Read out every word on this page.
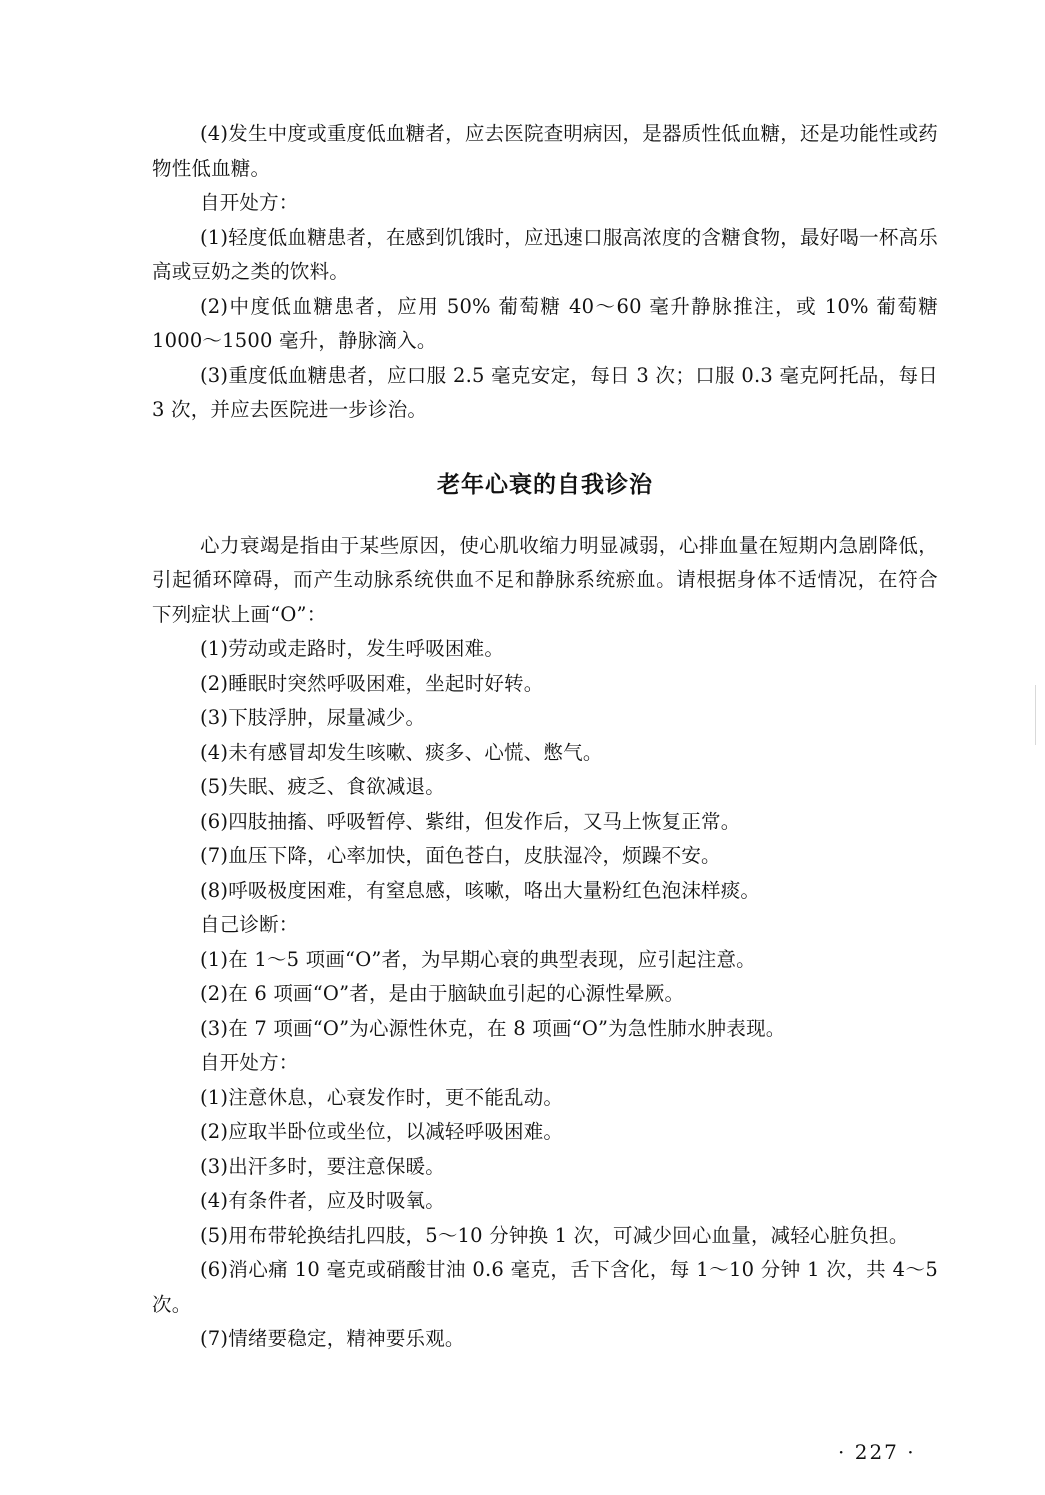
(4)发生中度或重度低血糖者，应去医院查明病因，是器质性低血糖，还是功能性或药物性低血糖。

自开处方：

(1)轻度低血糖患者，在感到饥饿时，应迅速口服高浓度的含糖食物，最好喝一杯高乐高或豆奶之类的饮料。

(2)中度低血糖患者，应用 50% 葡萄糖 40～60 毫升静脉推注，或 10% 葡萄糖 1000～1500 毫升，静脉滴入。

(3)重度低血糖患者，应口服 2.5 毫克安定，每日 3 次；口服 0.3 毫克阿托品，每日 3 次，并应去医院进一步诊治。

老年心衰的自我诊治

心力衰竭是指由于某些原因，使心肌收缩力明显减弱，心排血量在短期内急剧降低，引起循环障碍，而产生动脉系统供血不足和静脉系统瘀血。请根据身体不适情况，在符合下列症状上画“O”：

(1)劳动或走路时，发生呼吸困难。

(2)睡眠时突然呼吸困难，坐起时好转。

(3)下肢浮肿，尿量减少。

(4)未有感冒却发生咳嗽、痰多、心慌、憋气。

(5)失眠、疲乏、食欲减退。

(6)四肢抽搐、呼吸暂停、紫绀，但发作后，又马上恢复正常。

(7)血压下降，心率加快，面色苍白，皮肤湿冷，烦躁不安。

(8)呼吸极度困难，有窒息感，咳嗽，咯出大量粉红色泡沫样痰。

自己诊断：

(1)在 1～5 项画“O”者，为早期心衰的典型表现，应引起注意。

(2)在 6 项画“O”者，是由于脑缺血引起的心源性晕厥。

(3)在 7 项画“O”为心源性休克，在 8 项画“O”为急性肺水肿表现。

自开处方：

(1)注意休息，心衰发作时，更不能乱动。

(2)应取半卧位或坐位，以减轻呼吸困难。

(3)出汗多时，要注意保暖。

(4)有条件者，应及时吸氧。

(5)用布带轮换结扎四肢，5～10 分钟换 1 次，可减少回心血量，减轻心脏负担。

(6)消心痛 10 毫克或硝酸甘油 0.6 毫克，舌下含化，每 1～10 分钟 1 次，共 4～5 次。

(7)情绪要稳定，精神要乐观。

· 227 ·
